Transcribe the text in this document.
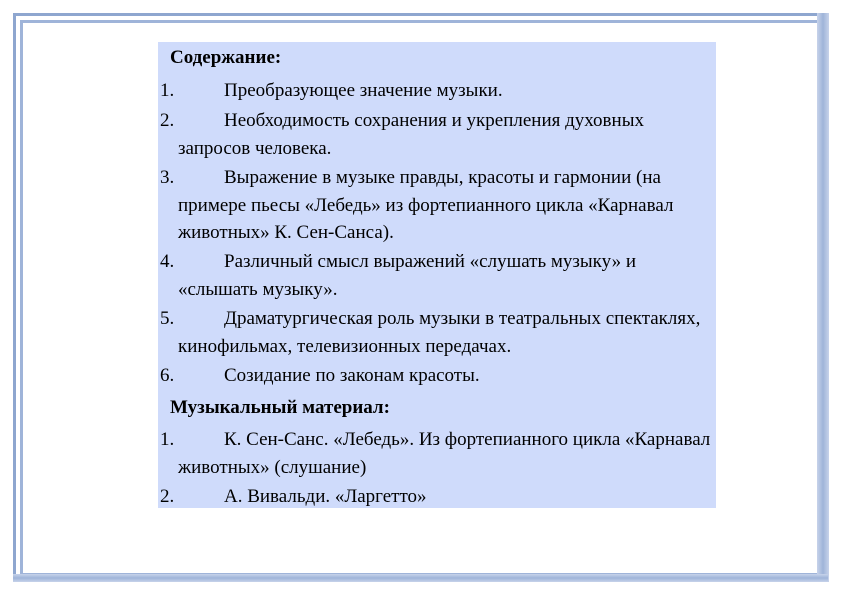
Содержание:
1.	Преобразующее значение музыки.
2.	Необходимость сохранения и укрепления духовных запросов человека.
3.	Выражение в музыке правды, красоты и гармонии (на примере пьесы «Лебедь» из фортепианного цикла «Карнавал животных» К. Сен-Санса).
4.	Различный смысл выражений «слушать музыку» и «слышать музыку».
5.	Драматургическая роль музыки в театральных спектаклях, кинофильмах, телевизионных передачах.
6.	Созидание по законам красоты.
Музыкальный материал:
1.	К. Сен-Санс. «Лебедь». Из фортепианного цикла «Карнавал животных» (слушание)
2.	А. Вивальди. «Ларгетто»
